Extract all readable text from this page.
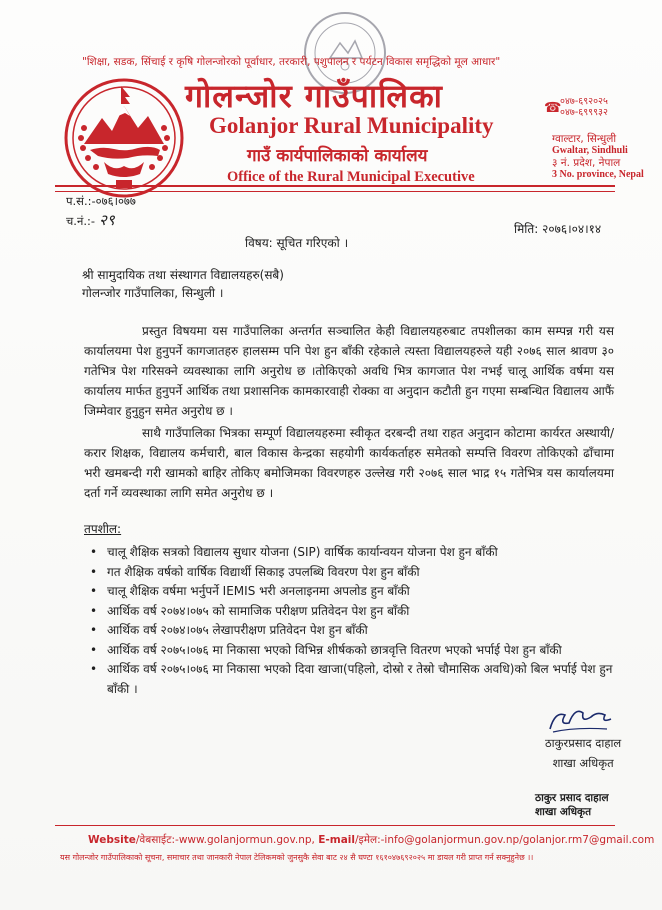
"शिक्षा, सडक, सिंचाई र कृषि गोलन्जोरको पूर्वाधार, तरकारी, पशुपालन र पर्यटन विकास समृद्धिको मूल आधार"
गोलन्जोर गाउँपालिका
Golanjor Rural Municipality
गाउँ कार्यपालिकाको कार्यालय
Office of the Rural Municipal Executive
☎
०४७-६९२०२५
०४७-६९९९३२
ग्वाल्टार, सिन्धुली
Gwaltar, Sindhuli
३ नं. प्रदेश, नेपाल
3 No. province, Nepal
प.सं.:-०७६।०७७
च.नं.:- २९	मिति: २०७६।०४।१४
विषय: सूचित गरिएको ।
श्री सामुदायिक तथा संस्थागत विद्यालयहरु(सबै)
गोलन्जोर गाउँपालिका, सिन्धुली ।

प्रस्तुत विषयमा यस गाउँपालिका अन्तर्गत सञ्चालित केही विद्यालयहरुबाट तपशीलका काम सम्पन्न गरी यस कार्यालयमा पेश हुनुपर्ने कागजातहरु हालसम्म पनि पेश हुन बाँकी रहेकाले त्यस्ता विद्यालयहरुले यही २०७६ साल श्रावण ३० गतेभित्र पेश गरिसक्ने व्यवस्थाका लागि अनुरोध छ ।तोकिएको अवधि भित्र कागजात पेश नभई चालू आर्थिक वर्षमा यस कार्यालय मार्फत हुनुपर्ने आर्थिक तथा प्रशासनिक कामकारवाही रोक्का वा अनुदान कटौती हुन गएमा सम्बन्धित विद्यालय आफैं जिम्मेवार हुनुहुन समेत अनुरोध छ ।

साथै गाउँपालिका भित्रका सम्पूर्ण विद्यालयहरुमा स्वीकृत दरबन्दी तथा राहत अनुदान कोटामा कार्यरत अस्थायी/करार शिक्षक, विद्यालय कर्मचारी, बाल विकास केन्द्रका सहयोगी कार्यकर्ताहरु समेतको सम्पत्ति विवरण तोकिएको ढाँचामा भरी खमबन्दी गरी खामको बाहिर तोकिए बमोजिमका विवरणहरु उल्लेख गरी २०७६ साल भाद्र १५ गतेभित्र यस कार्यालयमा दर्ता गर्ने व्यवस्थाका लागि समेत अनुरोध छ ।

तपशील:
• चालू शैक्षिक सत्रको विद्यालय सुधार योजना (SIP) वार्षिक कार्यान्वयन योजना पेश हुन बाँकी
• गत शैक्षिक वर्षको वार्षिक विद्यार्थी सिकाइ उपलब्धि विवरण पेश हुन बाँकी
• चालू शैक्षिक वर्षमा भर्नुपर्ने IEMIS भरी अनलाइनमा अपलोड हुन बाँकी
• आर्थिक वर्ष २०७४।०७५ को सामाजिक परीक्षण प्रतिवेदन पेश हुन बाँकी
• आर्थिक वर्ष २०७४।०७५ लेखापरीक्षण प्रतिवेदन पेश हुन बाँकी
• आर्थिक वर्ष २०७५।०७६ मा निकासा भएको विभिन्न शीर्षकको छात्रवृत्ति वितरण भएको भर्पाई पेश हुन बाँकी
• आर्थिक वर्ष २०७५।०७६ मा निकासा भएको दिवा खाजा(पहिलो, दोस्रो र तेस्रो चौमासिक अवधि)को बिल भर्पाई पेश हुन बाँकी ।
ठाकुरप्रसाद दाहाल
शाखा अधिकृत
ठाकुर प्रसाद दाहाल
शाखा अधिकृत
Website/वेबसाईट:-www.golanjormun.gov.np, E-mail/इमेल:-info@golanjormun.gov.np/golanjor.rm7@gmail.com
यस गोलन्जोर गाउँपालिकाको सूचना, समाचार तथा जानकारी नेपाल टेलिकमको जुनसुकै सेवा बाट २४ सै घण्टा १६१०४७६९२०२५ मा डायल गरी प्राप्त गर्न सक्नुहुनेछ ।।
